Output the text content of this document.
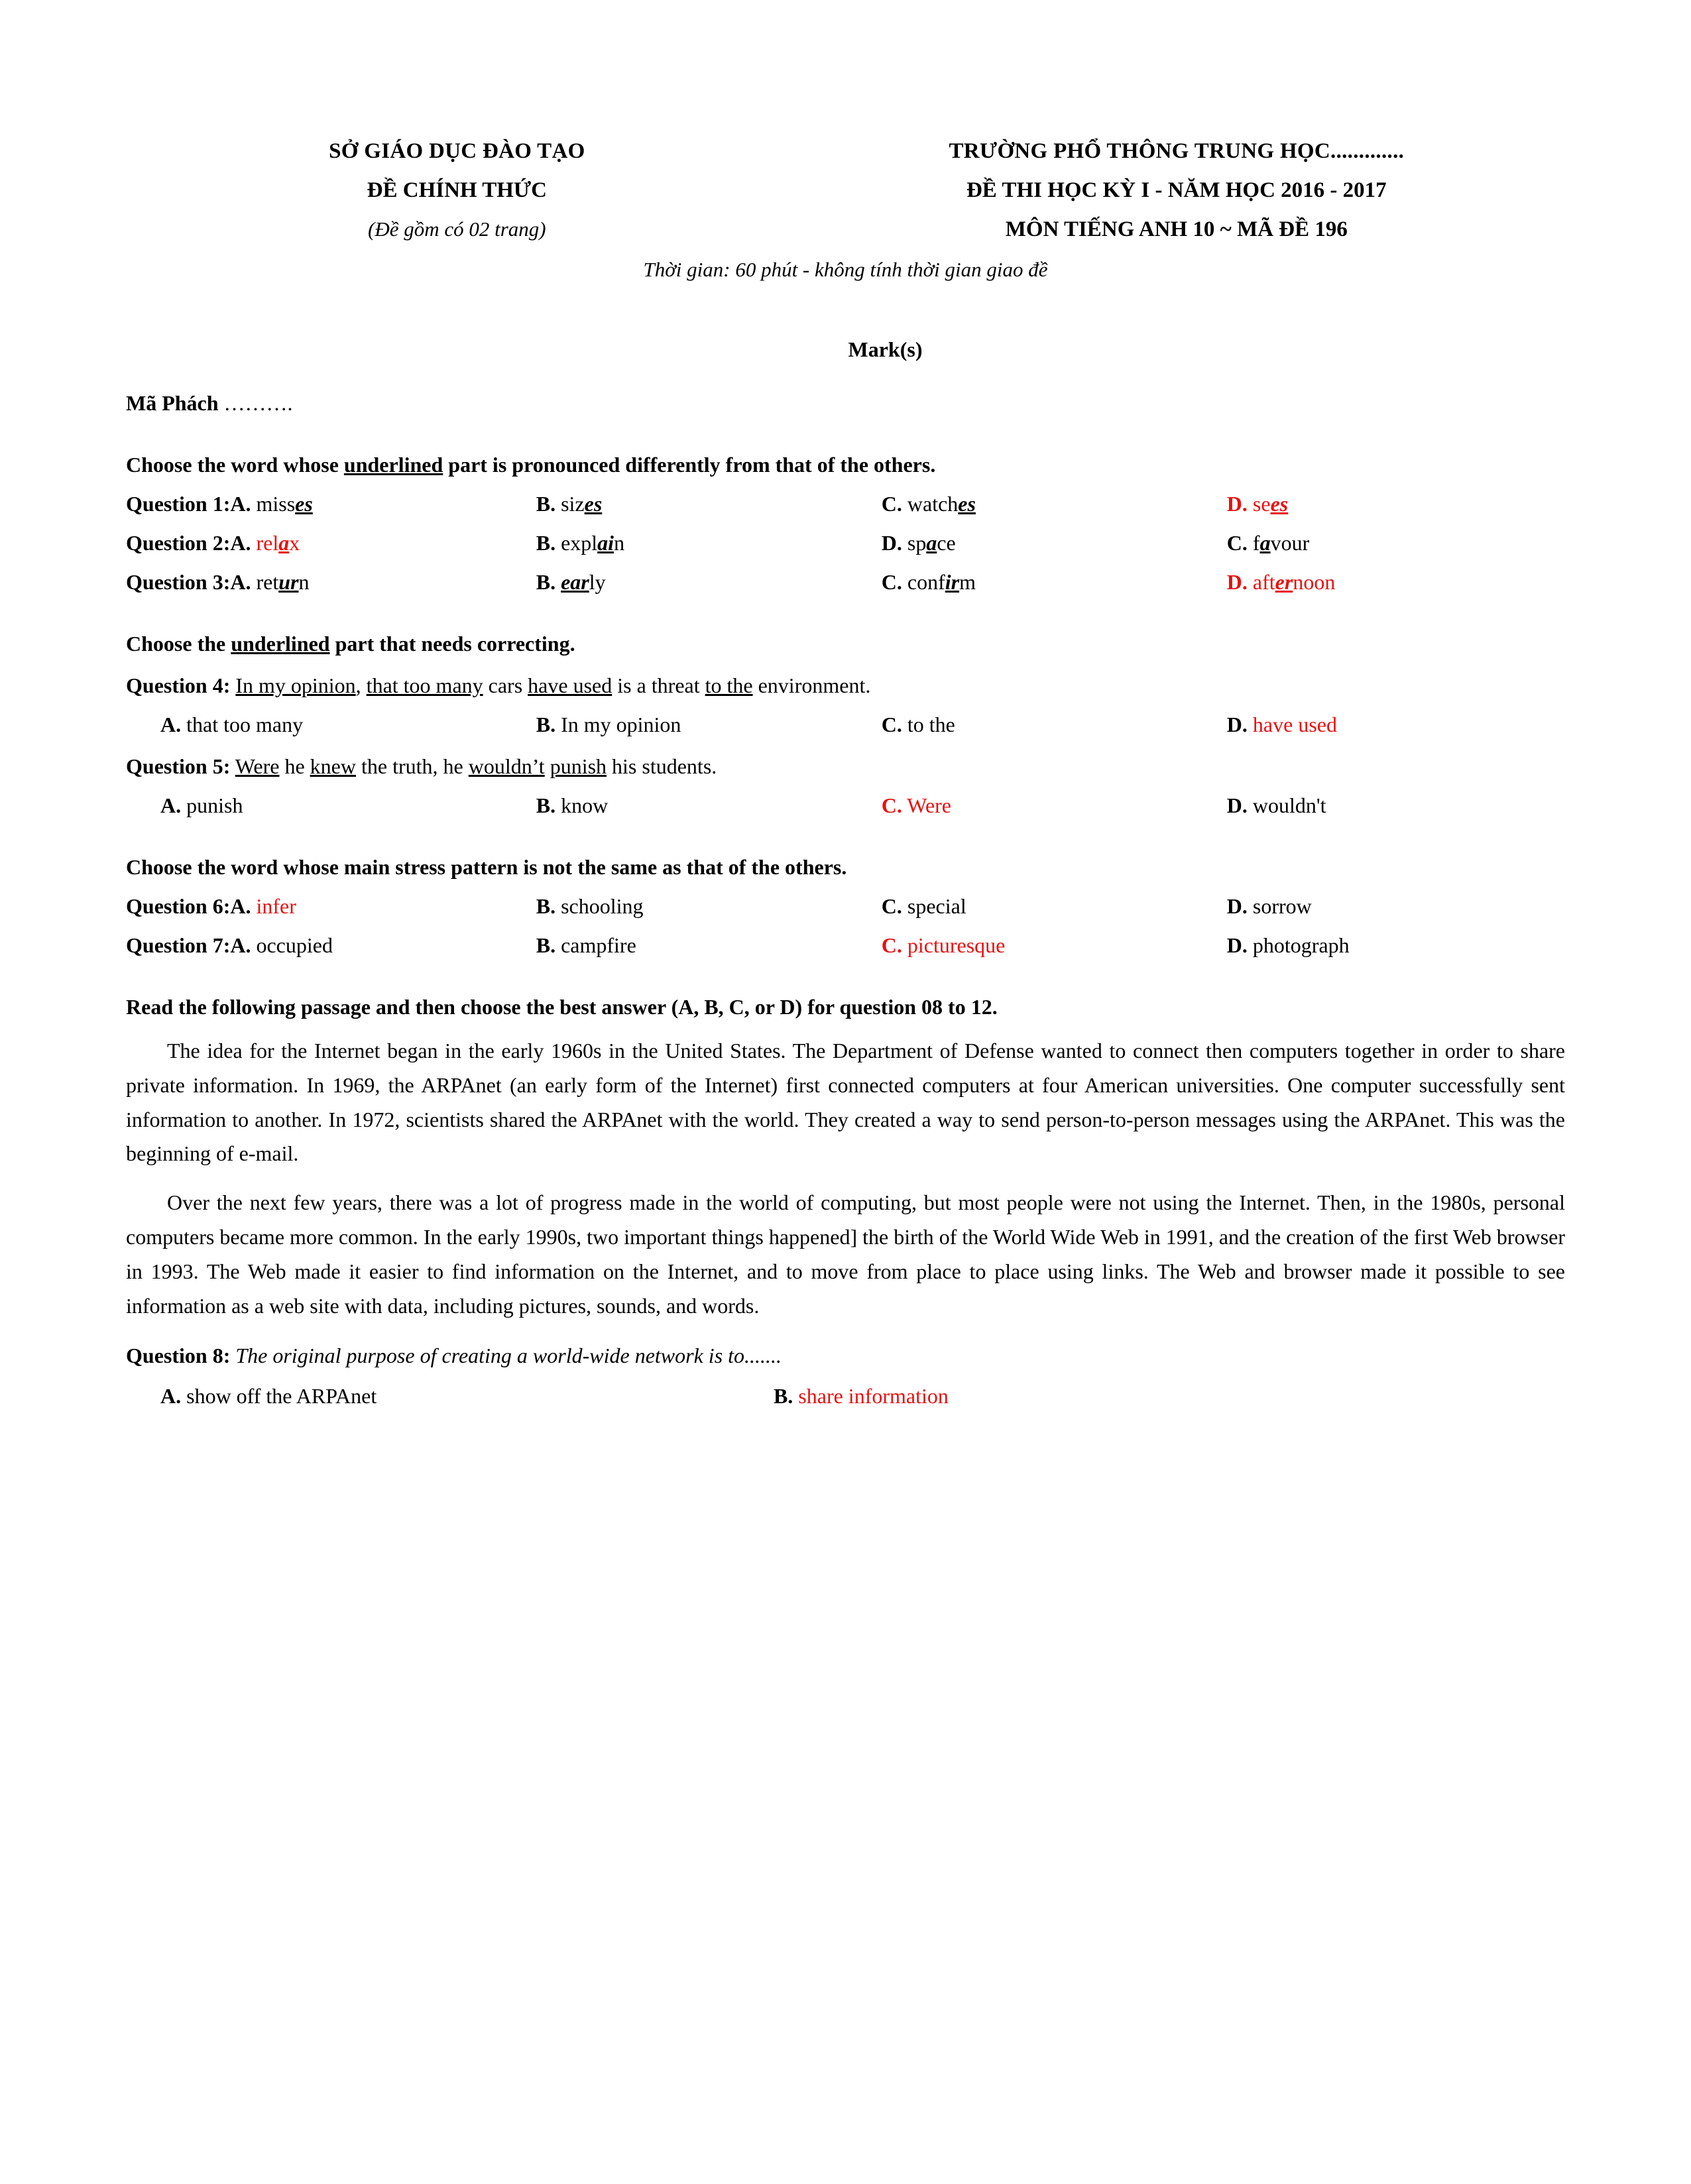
SỞ GIÁO DỤC ĐÀO TẠO	TRƯỜNG PHỔ THÔNG TRUNG HỌC.............
ĐỀ CHÍNH THỨC	ĐỀ THI HỌC KỲ I - NĂM HỌC 2016 - 2017
(Đề gồm có 02 trang)	MÔN TIẾNG ANH 10 ~ MÃ ĐỀ 196
Thời gian: 60 phút - không tính thời gian giao đề
Mark(s)
Mã Phách ……….
Choose the word whose underlined part is pronounced differently from that of the others.
Question 1:A. misses	B. sizes	C. watches	D. sees
Question 2:A. relax	B. explain	D. space	C. favour
Question 3:A. return	B. early	C. confirm	D. afternoon
Choose the underlined part that needs correcting.
Question 4: In my opinion, that too many cars have used is a threat to the environment.
A. that too many	B. In my opinion	C. to the	D. have used
Question 5: Were he knew the truth, he wouldn’t punish his students.
A. punish	B. know	C. Were	D. wouldn't
Choose the word whose main stress pattern is not the same as that of the others.
Question 6:A. infer	B. schooling	C. special	D. sorrow
Question 7:A. occupied	B. campfire	C. picturesque	D. photograph
Read the following passage and then choose the best answer (A, B, C, or D) for question 08 to 12.
The idea for the Internet began in the early 1960s in the United States. The Department of Defense wanted to connect then computers together in order to share private information. In 1969, the ARPAnet (an early form of the Internet) first connected computers at four American universities. One computer successfully sent information to another. In 1972, scientists shared the ARPAnet with the world. They created a way to send person-to-person messages using the ARPAnet. This was the beginning of e-mail.
Over the next few years, there was a lot of progress made in the world of computing, but most people were not using the Internet. Then, in the 1980s, personal computers became more common. In the early 1990s, two important things happened] the birth of the World Wide Web in 1991, and the creation of the first Web browser in 1993. The Web made it easier to find information on the Internet, and to move from place to place using links. The Web and browser made it possible to see information as a web site with data, including pictures, sounds, and words.
Question 8: The original purpose of creating a world-wide network is to.......
A. show off the ARPAnet	B. share information
